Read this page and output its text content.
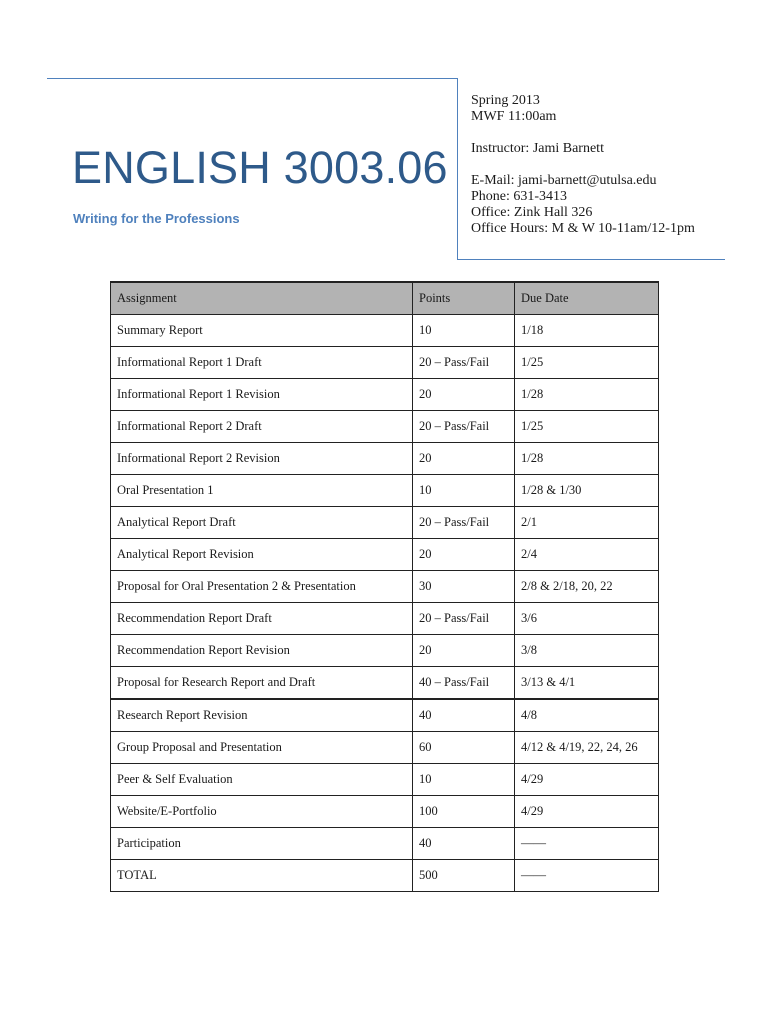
ENGLISH 3003.06
Writing for the Professions
Spring 2013
MWF 11:00am
Instructor: Jami Barnett
E-Mail: jami-barnett@utulsa.edu
Phone: 631-3413
Office: Zink Hall 326
Office Hours: M & W 10-11am/12-1pm
Assignment	Points	Due Date
Summary Report	10	1/18
Informational Report 1 Draft	20 – Pass/Fail	1/25
Informational Report 1 Revision	20	1/28
Informational Report 2 Draft	20 – Pass/Fail	1/25
Informational Report 2 Revision	20	1/28
Oral Presentation 1	10	1/28 & 1/30
Analytical Report Draft	20 – Pass/Fail	2/1
Analytical Report Revision	20	2/4
Proposal for Oral Presentation 2 & Presentation	30	2/8 & 2/18, 20, 22
Recommendation Report Draft	20 – Pass/Fail	3/6
Recommendation Report Revision	20	3/8
Proposal for Research Report and Draft	40 – Pass/Fail	3/13 & 4/1
Research Report Revision	40	4/8
Group Proposal and Presentation	60	4/12 & 4/19, 22, 24, 26
Peer & Self Evaluation	10	4/29
Website/E-Portfolio	100	4/29
Participation	40	——
TOTAL	500	——
